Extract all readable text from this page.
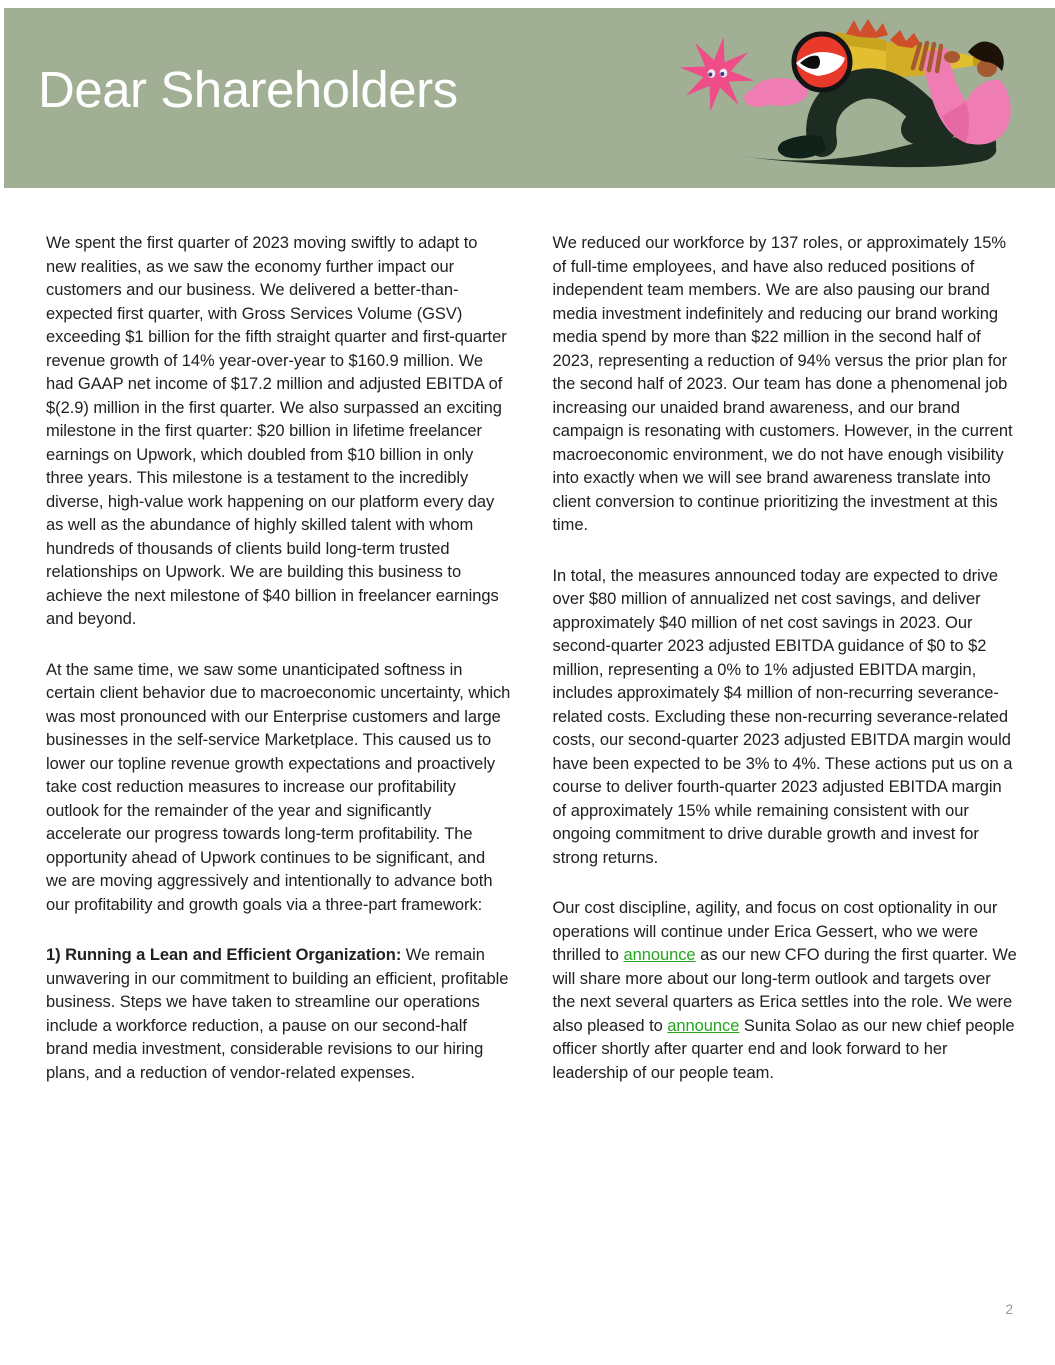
Dear Shareholders

We spent the first quarter of 2023 moving swiftly to adapt to new realities, as we saw the economy further impact our customers and our business. We delivered a better-than-expected first quarter, with Gross Services Volume (GSV) exceeding $1 billion for the fifth straight quarter and first-quarter revenue growth of 14% year-over-year to $160.9 million. We had GAAP net income of $17.2 million and adjusted EBITDA of $(2.9) million in the first quarter. We also surpassed an exciting milestone in the first quarter: $20 billion in lifetime freelancer earnings on Upwork, which doubled from $10 billion in only three years. This milestone is a testament to the incredibly diverse, high-value work happening on our platform every day as well as the abundance of highly skilled talent with whom hundreds of thousands of clients build long-term trusted relationships on Upwork. We are building this business to achieve the next milestone of $40 billion in freelancer earnings and beyond.

At the same time, we saw some unanticipated softness in certain client behavior due to macroeconomic uncertainty, which was most pronounced with our Enterprise customers and large businesses in the self-service Marketplace. This caused us to lower our topline revenue growth expectations and proactively take cost reduction measures to increase our profitability outlook for the remainder of the year and significantly accelerate our progress towards long-term profitability. The opportunity ahead of Upwork continues to be significant, and we are moving aggressively and intentionally to advance both our profitability and growth goals via a three-part framework:

1) Running a Lean and Efficient Organization: We remain unwavering in our commitment to building an efficient, profitable business. Steps we have taken to streamline our operations include a workforce reduction, a pause on our second-half brand media investment, considerable revisions to our hiring plans, and a reduction of vendor-related expenses.

We reduced our workforce by 137 roles, or approximately 15% of full-time employees, and have also reduced positions of independent team members. We are also pausing our brand media investment indefinitely and reducing our brand working media spend by more than $22 million in the second half of 2023, representing a reduction of 94% versus the prior plan for the second half of 2023. Our team has done a phenomenal job increasing our unaided brand awareness, and our brand campaign is resonating with customers. However, in the current macroeconomic environment, we do not have enough visibility into exactly when we will see brand awareness translate into client conversion to continue prioritizing the investment at this time.

In total, the measures announced today are expected to drive over $80 million of annualized net cost savings, and deliver approximately $40 million of net cost savings in 2023. Our second-quarter 2023 adjusted EBITDA guidance of $0 to $2 million, representing a 0% to 1% adjusted EBITDA margin, includes approximately $4 million of non-recurring severance-related costs. Excluding these non-recurring severance-related costs, our second-quarter 2023 adjusted EBITDA margin would have been expected to be 3% to 4%. These actions put us on a course to deliver fourth-quarter 2023 adjusted EBITDA margin of approximately 15% while remaining consistent with our ongoing commitment to drive durable growth and invest for strong returns.

Our cost discipline, agility, and focus on cost optionality in our operations will continue under Erica Gessert, who we were thrilled to announce as our new CFO during the first quarter. We will share more about our long-term outlook and targets over the next several quarters as Erica settles into the role. We were also pleased to announce Sunita Solao as our new chief people officer shortly after quarter end and look forward to her leadership of our people team.

2
